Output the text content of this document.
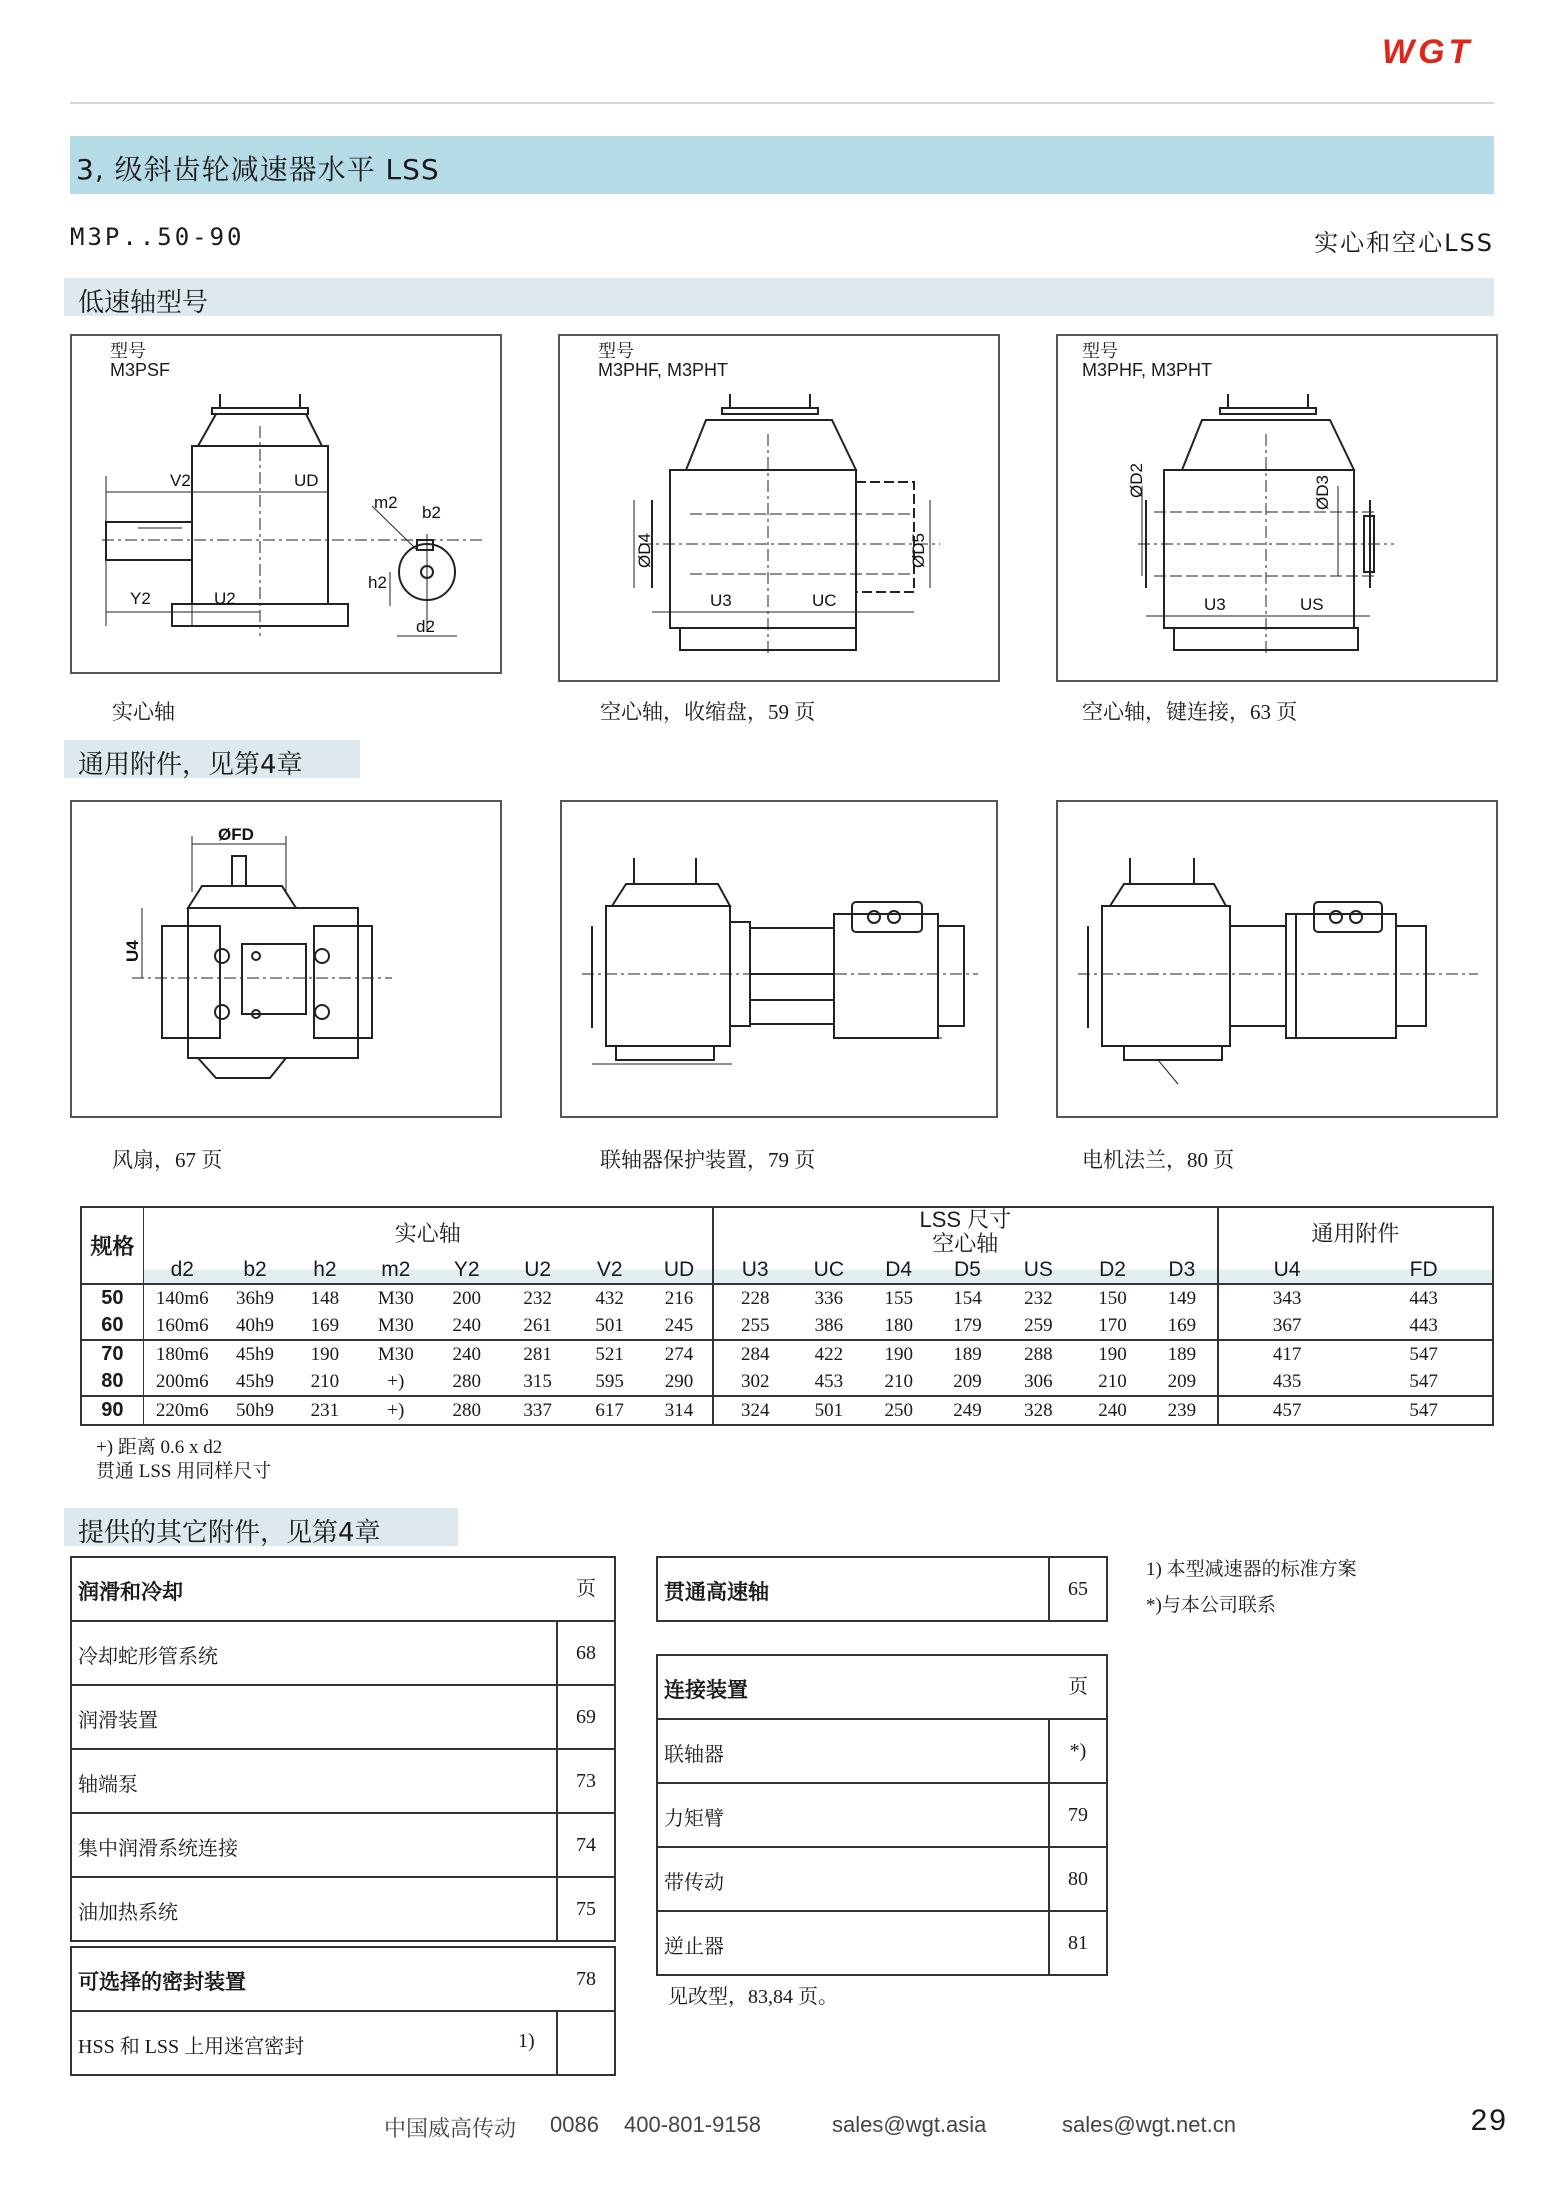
WGT
3, 级斜齿轮减速器水平 LSS
M3P..50-90	实心和空心LSS
低速轴型号
型号
M3PSF
V2	UD
Y2	U2
m2
b2
h2
d2
型号
M3PHF, M3PHT
ØD4	ØD5
U3	UC
型号
M3PHF, M3PHT
ØD2	ØD3
U3	US
实心轴	空心轴，收缩盘，59 页	空心轴，键连接，63 页
通用附件，见第4章
ØFD
U4
风扇，67 页	联轴器保护装置，79 页	电机法兰，80 页
规格	实心轴								LSS 尺寸
空心轴							通用附件	
	d2	b2	h2	m2	Y2	U2	V2	UD	U3	UC	D4	D5	US	D2	D3	U4	FD
50	140m6	36h9	148	M30	200	232	432	216	228	336	155	154	232	150	149	343	443
60	160m6	40h9	169	M30	240	261	501	245	255	386	180	179	259	170	169	367	443
70	180m6	45h9	190	M30	240	281	521	274	284	422	190	189	288	190	189	417	547
80	200m6	45h9	210	+)	280	315	595	290	302	453	210	209	306	210	209	435	547
90	220m6	50h9	231	+)	280	337	617	314	324	501	250	249	328	240	239	457	547
+) 距离 0.6 x d2
贯通 LSS 用同样尺寸
提供的其它附件，见第4章
润滑和冷却	页
冷却蛇形管系统	68
润滑装置	69
轴端泵	73
集中润滑系统连接	74
油加热系统	75
可选择的密封装置	78
HSS 和 LSS 上用迷宫密封	1)
贯通高速轴	65
连接装置	页
联轴器	*)
力矩臂	79
带传动	80
逆止器	81
见改型，83,84 页。
1) 本型减速器的标准方案
*)与本公司联系
中国威高传动 0086 400-801-9158	sales@wgt.asia	sales@wgt.net.cn	29
